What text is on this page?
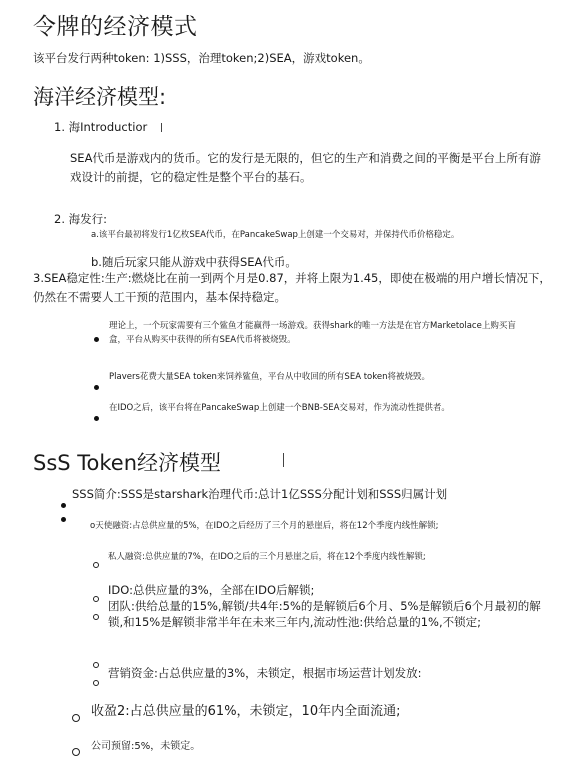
令牌的经济模式
该平台发行两种token: 1)SSS，治理token;2)SEA，游戏token。
海洋经济模型:
1. 海Introductior
SEA代币是游戏内的货币。它的发行是无限的，但它的生产和消费之间的平衡是平台上所有游戏设计的前提，它的稳定性是整个平台的基石。
2. 海发行:
a.该平台最初将发行1亿枚SEA代币，在PancakeSwap上创建一个交易对，并保持代币价格稳定。
b.随后玩家只能从游戏中获得SEA代币。
3.SEA稳定性:生产:燃烧比在前一到两个月是0.87，并将上限为1.45，即使在极端的用户增长情况下，仍然在不需要人工干预的范围内，基本保持稳定。
理论上，一个玩家需要有三个鲨鱼才能赢得一场游戏。获得shark的唯一方法是在官方Marketolace上购买盲盒，平台从购买中获得的所有SEA代币将被烧毁。
Plavers花费大量SEA token来饲养鲨鱼，平台从中收回的所有SEA token将被烧毁。
在IDO之后，该平台将在PancakeSwap上创建一个BNB-SEA交易对，作为流动性提供者。
SsS Token经济模型
SSS简介:SSS是starshark治理代币:总计1亿SSS分配计划和SSS归属计划
o天使融资:占总供应量的5%，在IDO之后经历了三个月的悬崖后，将在12个季度内线性解锁;
私人融资:总供应量的7%，在IDO之后的三个月悬崖之后，将在12个季度内线性解锁;
IDO:总供应量的3%，全部在IDO后解锁;
团队:供给总量的15%,解锁/共4年:5%的是解锁后6个月、5%是解锁后6个月最初的解锁,和15%是解锁非常半年在未来三年内,流动性池:供给总量的1%,不锁定;
营销资金:占总供应量的3%，未锁定，根据市场运营计划发放:
收盈2:占总供应量的61%，未锁定，10年内全面流通;
公司预留:5%，未锁定。
